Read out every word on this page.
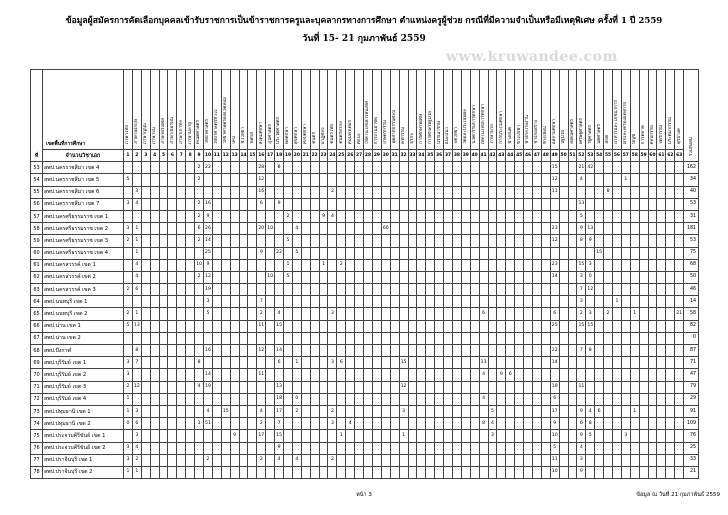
ข้อมูลผู้สมัครการคัดเลือกบุคคลเข้ารับราชการเป็นข้าราชการครูและบุคลากรทางการศึกษา ตำแหน่งครูผู้ช่วย กรณีที่มีความจำเป็นหรือมีเหตุพิเศษ ครั้งที่ 1 ปี 2559
วันที่ 15- 21 กุมภาพันธ์ 2559
www.kruwandee.com
ที่	เขตพื้นที่การศึกษา	ภาษาไทย	ภาษาอังกฤษ	ภาษาญี่ปุ่น	ภาษาจีน	ภาษาฝรั่งเศส	ภาษาเยอรมัน	ภาษาเกาหลี	ภาษามลายู	คณิตศาสตร์	วิทยาศาสตร์	วิทยาศาสตร์ทั่วไป	วิทยาศาสตร์สิ่งแวดล้อม	เคมี	ชีววิทยา	ฟิสิกส์	สังคมศึกษา	ภูมิศาสตร์	ประวัติศาสตร์	พลศึกษา	สุขศึกษา	ศิลปศึกษา	ดนตรี	นาฏศิลป์	ดนตรีไทย	ดนตรีสากล	คอมพิวเตอร์	ศิลปะ	เทคโนโลยีสารสนเทศ	การงานอาชีพ	เกษตรกรรม	อุตสาหกรรมศิลป์	คหกรรม	ธุรกิจ	การศึกษาพิเศษ	การศึกษาปฐมวัย	บรรณารักษ์	แนะแนว	จิตวิทยา	วัดและประเมินผล	นวัตกรรมการศึกษา	เทคโนโลยีการศึกษา	ภาษาบาลี	การประถมศึกษา	ช่างยนต์	ช่างไฟฟ้า	ช่างกลโรงงาน	ช่างก่อสร้าง	ช่างเชื่อม	อิสลามศึกษา	ปฐมวัย	สังคมศาสตร์	เศรษฐศาสตร์	รัฐศาสตร์	นิติศาสตร์	สถิติ	อาหารและโภชนาการ	ผ้าและเครื่องแต่งกาย	บัญชี	การตลาด	ศิลปกรรม	จิตรกรรม	ประติมากรรม	ดุริยางค์	รวมทั้งสิ้น
จำนวนวิชาเอก	1	2	3	4	5	6	7	8	9	10	11	12	13	14	15	16	17	18	19	20	21	22	23	24	25	26	27	28	29	30	31	32	33	34	35	36	37	38	39	40	41	42	43	44	45	46	47	48	49	50	51	52	53	54	55	56	57	58	59	60	61	62	63
53	สพป.นครราชสีมา เขต 4									2	22						28		8																															15			21	42											162
54	สพป.นครราชสีมา เขต 5	5								2							12																																	12			4					1							34
55	สพป.นครราชสีมา เขต 6		3														16								2																									11						8									40
56	สพป.นครราชสีมา เขต 7	3	4							2	16						6		9																																		13												53
57	สพป.นครศรีธรรมราช เขต 1									2	9									2				9	4																												5												31
58	สพป.นครศรีธรรมราช เขต 2	3	1							6	26						20	10			4										66																			23			9	13											181
59	สพป.นครศรีธรรมราช เขต 3	2	1							2	14									5																														12			8	9											53
60	สพป.นครศรีธรรมราช เขต 4		1								25						9		22		5																																		15										75
61	สพป.นครสวรรค์ เขต 1		4							10	9									1				1		2																								23			15	3											68
62	สพป.นครสวรรค์ เขต 2		4							2	12							10		5																														14			3	0											50
63	สพป.นครสวรรค์ เขต 3	2	6								19																																										7	12											46
64	สพป.นนทบุรี เขต 1										3						7																																				3				1								14
65	สพป.นนทบุรี เขต 2	2	1								5						2		4						3																	6								6			2	3		2			1					21	58
66	สพป.น่าน เขต 1	5	13														11		15																															25			15	15											82
67	สพป.น่าน เขต 2																																																																0
68	สพป.บึงกาฬ		8								16						12		14																															22			7	8											87
69	สพป.บุรีรัมย์ เขต 1	3	7							8									6		1				3	6							15									13								14															71
70	สพป.บุรีรัมย์ เขต 2	3									14						11																									4		9	6																				47
71	สพป.บุรีรัมย์ เขต 3	2	12							4	19								13														12																	19			11												79
72	สพป.บุรีรัมย์ เขต 4	1																	18		0																					4								6															29
73	สพป.ปทุมธานี เขต 1	1	3								4		15				4		17		2				2								3										5							17			9	4	6				1						91
74	สพป.ปทุมธานี เขต 2	0	6							3	51						2		7						3		4															8	4							9			6	8											109
75	สพป.ประจวบคีรีขันธ์ เขต 1		3											9			17		15							1							1										3							10			9	5				3							76
76	สพป.ประจวบคีรีขันธ์ เขต 2	3	4																9																															5			4												25
77	สพป.ปราจีนบุรี เขต 1	3	2								2						2		4		4				2																									11			3												33
78	สพป.ปราจีนบุรี เขต 2	1	1																																															10			9												21
หน้า 3	ข้อมูล ณ วันที่ 21 กุมภาพันธ์ 2559
